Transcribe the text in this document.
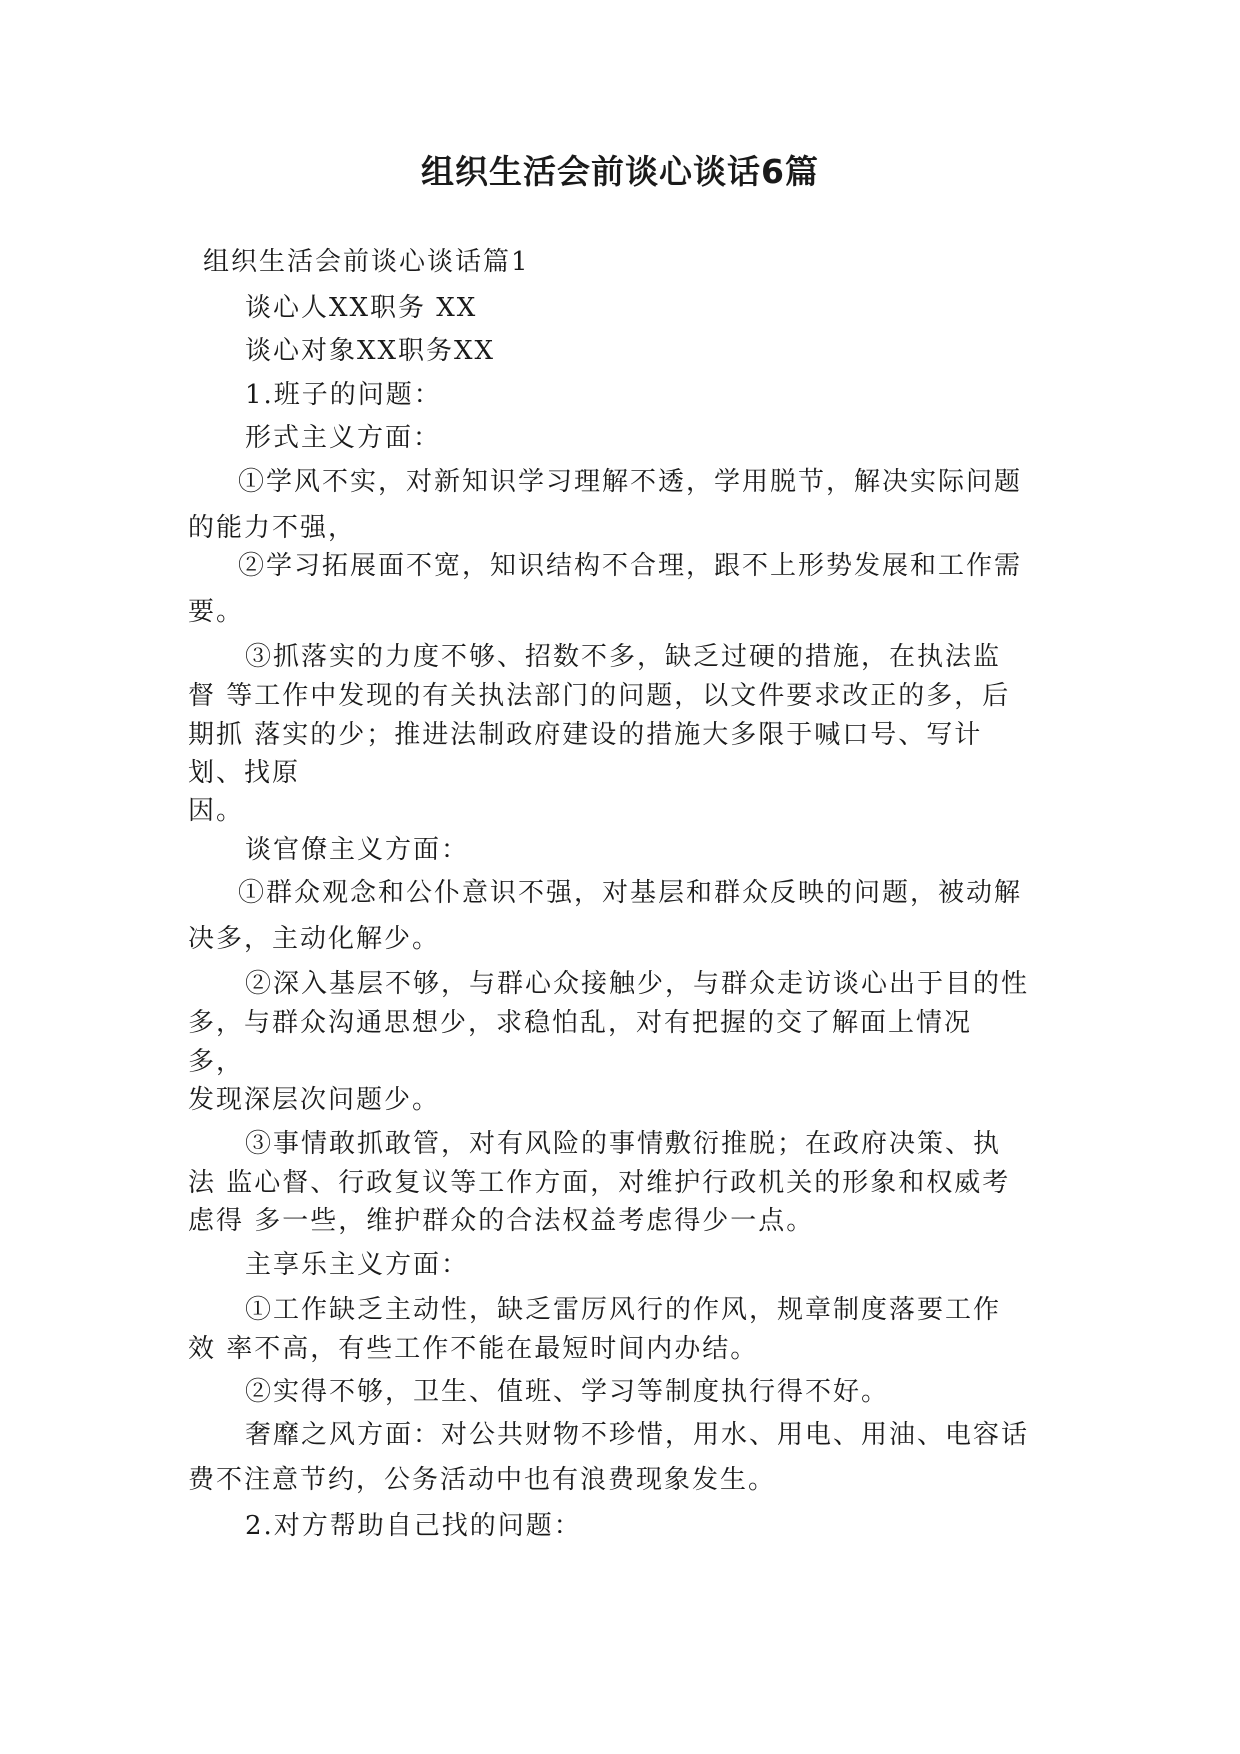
组织生活会前谈心谈话6篇
组织生活会前谈心谈话篇1
谈心人XX职务 XX
谈心对象XX职务XX
1.班子的问题：
形式主义方面：
①学风不实，对新知识学习理解不透，学用脱节，解决实际问题
的能力不强，
②学习拓展面不宽，知识结构不合理，跟不上形势发展和工作需
要。
③抓落实的力度不够、招数不多，缺乏过硬的措施，在执法监
督 等工作中发现的有关执法部门的问题，以文件要求改正的多，后
期抓 落实的少；推进法制政府建设的措施大多限于喊口号、写计
划、找原
因。
谈官僚主义方面：
①群众观念和公仆意识不强，对基层和群众反映的问题，被动解
决多，主动化解少。
②深入基层不够，与群心众接触少，与群众走访谈心出于目的性
多，与群众沟通思想少，求稳怕乱，对有把握的交了解面上情况
多，
发现深层次问题少。
③事情敢抓敢管，对有风险的事情敷衍推脱；在政府决策、执
法 监心督、行政复议等工作方面，对维护行政机关的形象和权威考
虑得 多一些，维护群众的合法权益考虑得少一点。
主享乐主义方面：
①工作缺乏主动性，缺乏雷厉风行的作风，规章制度落要工作
效 率不高，有些工作不能在最短时间内办结。
②实得不够，卫生、值班、学习等制度执行得不好。
奢靡之风方面：对公共财物不珍惜，用水、用电、用油、电容话
费不注意节约，公务活动中也有浪费现象发生。
2.对方帮助自己找的问题：
